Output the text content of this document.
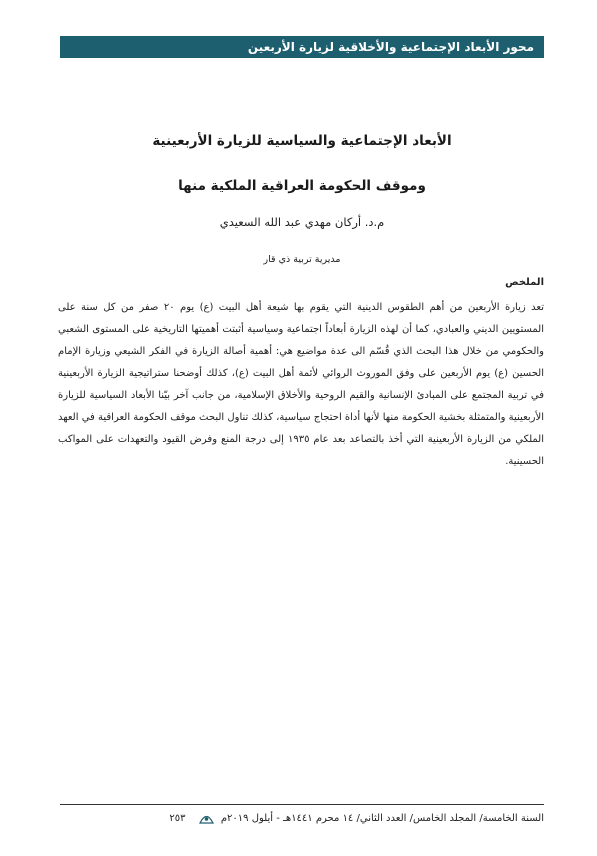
محور الأبعاد الإجتماعية والأخلاقية لزيارة الأربعين
الأبعاد الإجتماعية والسياسية للزيارة الأربعينية
وموقف الحكومة العراقية الملكية منها
م.د. أركان مهدي عبد الله السعيدي
مديرية تربية ذي قار
الملخص

تعد زيارة الأربعين من أهم الطقوس الدينية التي يقوم بها شيعة أهل البيت (ع) يوم ٢٠ صفر من كل سنة على المستويين الديني والعبادي، كما أن لهذه الزيارة أبعاداً اجتماعية وسياسية أثبتت أهميتها التاريخية على المستوى الشعبي والحكومي من خلال هذا البحث الذي قُسّم الى عدة مواضيع هي: أهمية أصالة الزيارة في الفكر الشيعي وزيارة الإمام الحسين (ع) يوم الأربعين على وفق الموروث الروائي لأئمة أهل البيت (ع)، كذلك أوضحنا ستراتيجية الزيارة الأربعينية في تربية المجتمع على المبادئ الإنسانية والقيم الروحية والأخلاق الإسلامية، من جانب آخر بيّنا الأبعاد السياسية للزيارة الأربعينية والمتمثلة بخشية الحكومة منها لأنها أداة احتجاج سياسية، كذلك تناول البحث موقف الحكومة العراقية في العهد الملكي من الزيارة الأربعينية التي أخذ بالتصاعد بعد عام ١٩٣٥ إلى درجة المنع وفرض القيود والتعهدات على المواكب الحسينية.

السنة الخامسة/ المجلد الخامس/ العدد الثاني/ ١٤ محرم ١٤٤١هـ - أيلول ٢٠١٩م  ٢٥٣
